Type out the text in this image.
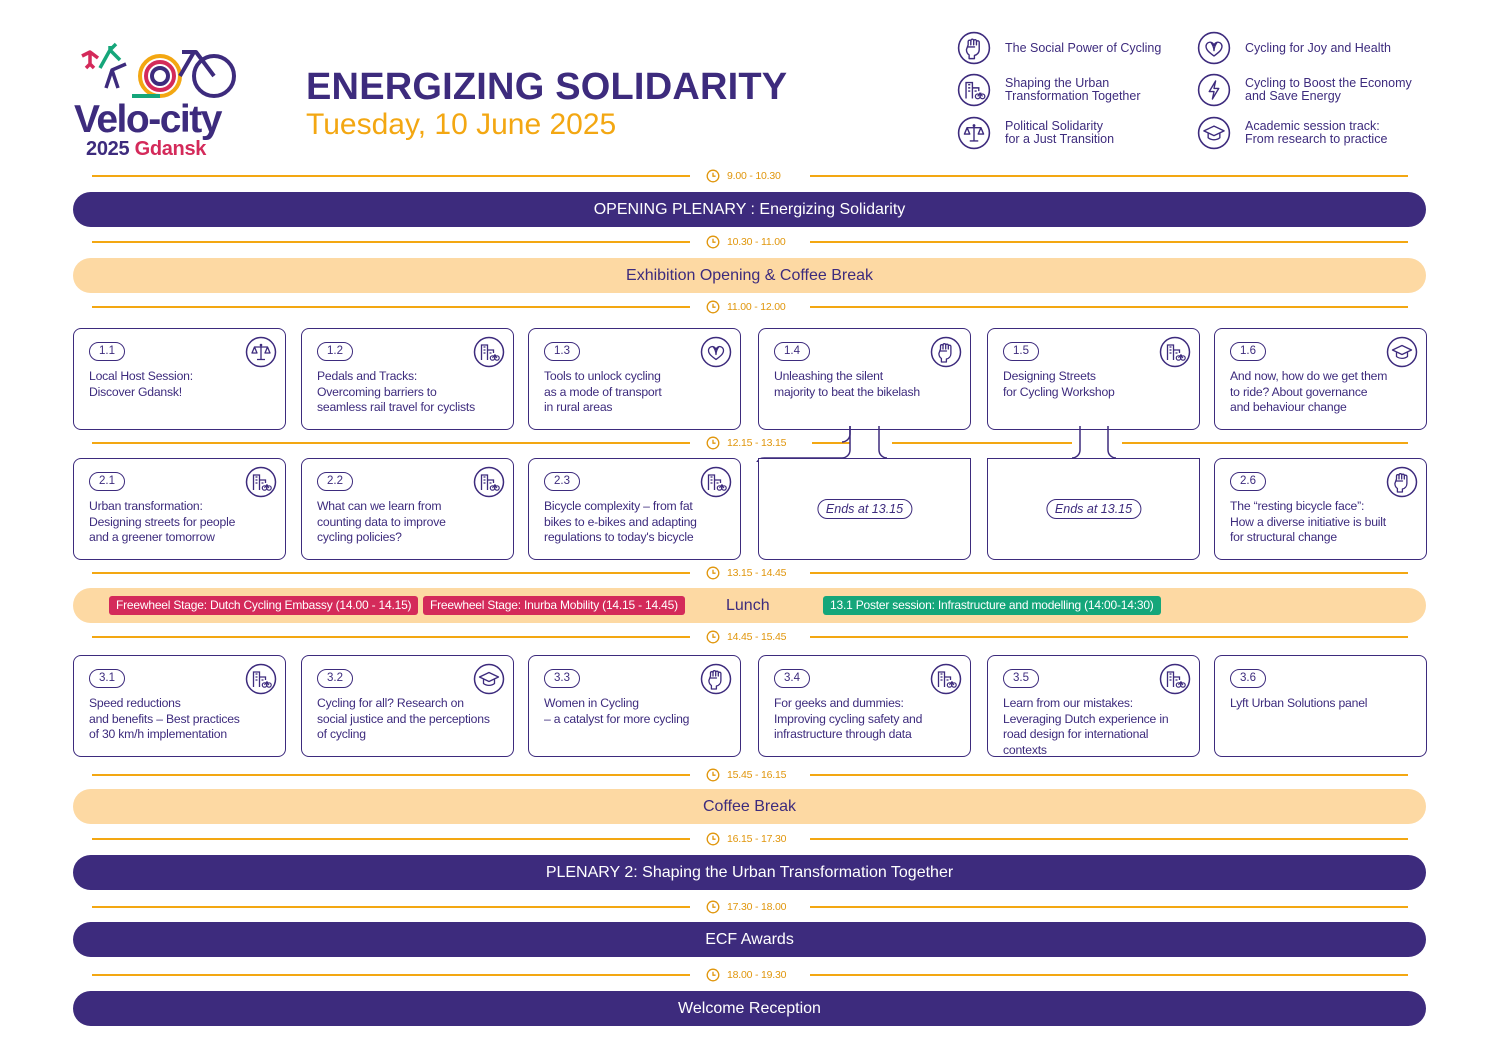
Velo-city
2025 Gdansk
ENERGIZING SOLIDARITY
Tuesday, 10 June 2025
The Social Power of Cycling	Cycling for Joy and Health
Shaping the Urban
Transformation Together
Cycling to Boost the Economy
and Save Energy
Political Solidarity
for a Just Transition
Academic session track:
From research to practice
9.00 - 10.30
OPENING PLENARY : Energizing Solidarity
10.30 - 11.00
Exhibition Opening & Coffee Break
11.00 - 12.00
1.1
Local Host Session:
Discover Gdansk!
1.2
Pedals and Tracks:
Overcoming barriers to
seamless rail travel for cyclists
1.3
Tools to unlock cycling
as a mode of transport
in rural areas
1.4
Unleashing the silent
majority to beat the bikelash
1.5
Designing Streets
for Cycling Workshop
1.6
And now, how do we get them
to ride? About governance
and behaviour change
12.15 - 13.15
2.1
Urban transformation:
Designing streets for people
and a greener tomorrow
2.2
What can we learn from
counting data to improve
cycling policies?
2.3
Bicycle complexity – from fat
bikes to e-bikes and adapting
regulations to today's bicycle
Ends at 13.15	Ends at 13.15
2.6
The “resting bicycle face”:
How a diverse initiative is built
for structural change
13.15 - 14.45
Freewheel Stage: Dutch Cycling Embassy (14.00 - 14.15)	Freewheel Stage: Inurba Mobility (14.15 - 14.45)	Lunch	13.1 Poster session: Infrastructure and modelling (14:00-14:30)
14.45 - 15.45
3.1
Speed reductions
and benefits – Best practices
of 30 km/h implementation
3.2
Cycling for all? Research on
social justice and the perceptions
of cycling
3.3
Women in Cycling
– a catalyst for more cycling
3.4
For geeks and dummies:
Improving cycling safety and
infrastructure through data
3.5
Learn from our mistakes:
Leveraging Dutch experience in
road design for international contexts
3.6
Lyft Urban Solutions panel
15.45 - 16.15
Coffee Break
16.15 - 17.30
PLENARY 2: Shaping the Urban Transformation Together
17.30 - 18.00
ECF Awards
18.00 - 19.30
Welcome Reception
